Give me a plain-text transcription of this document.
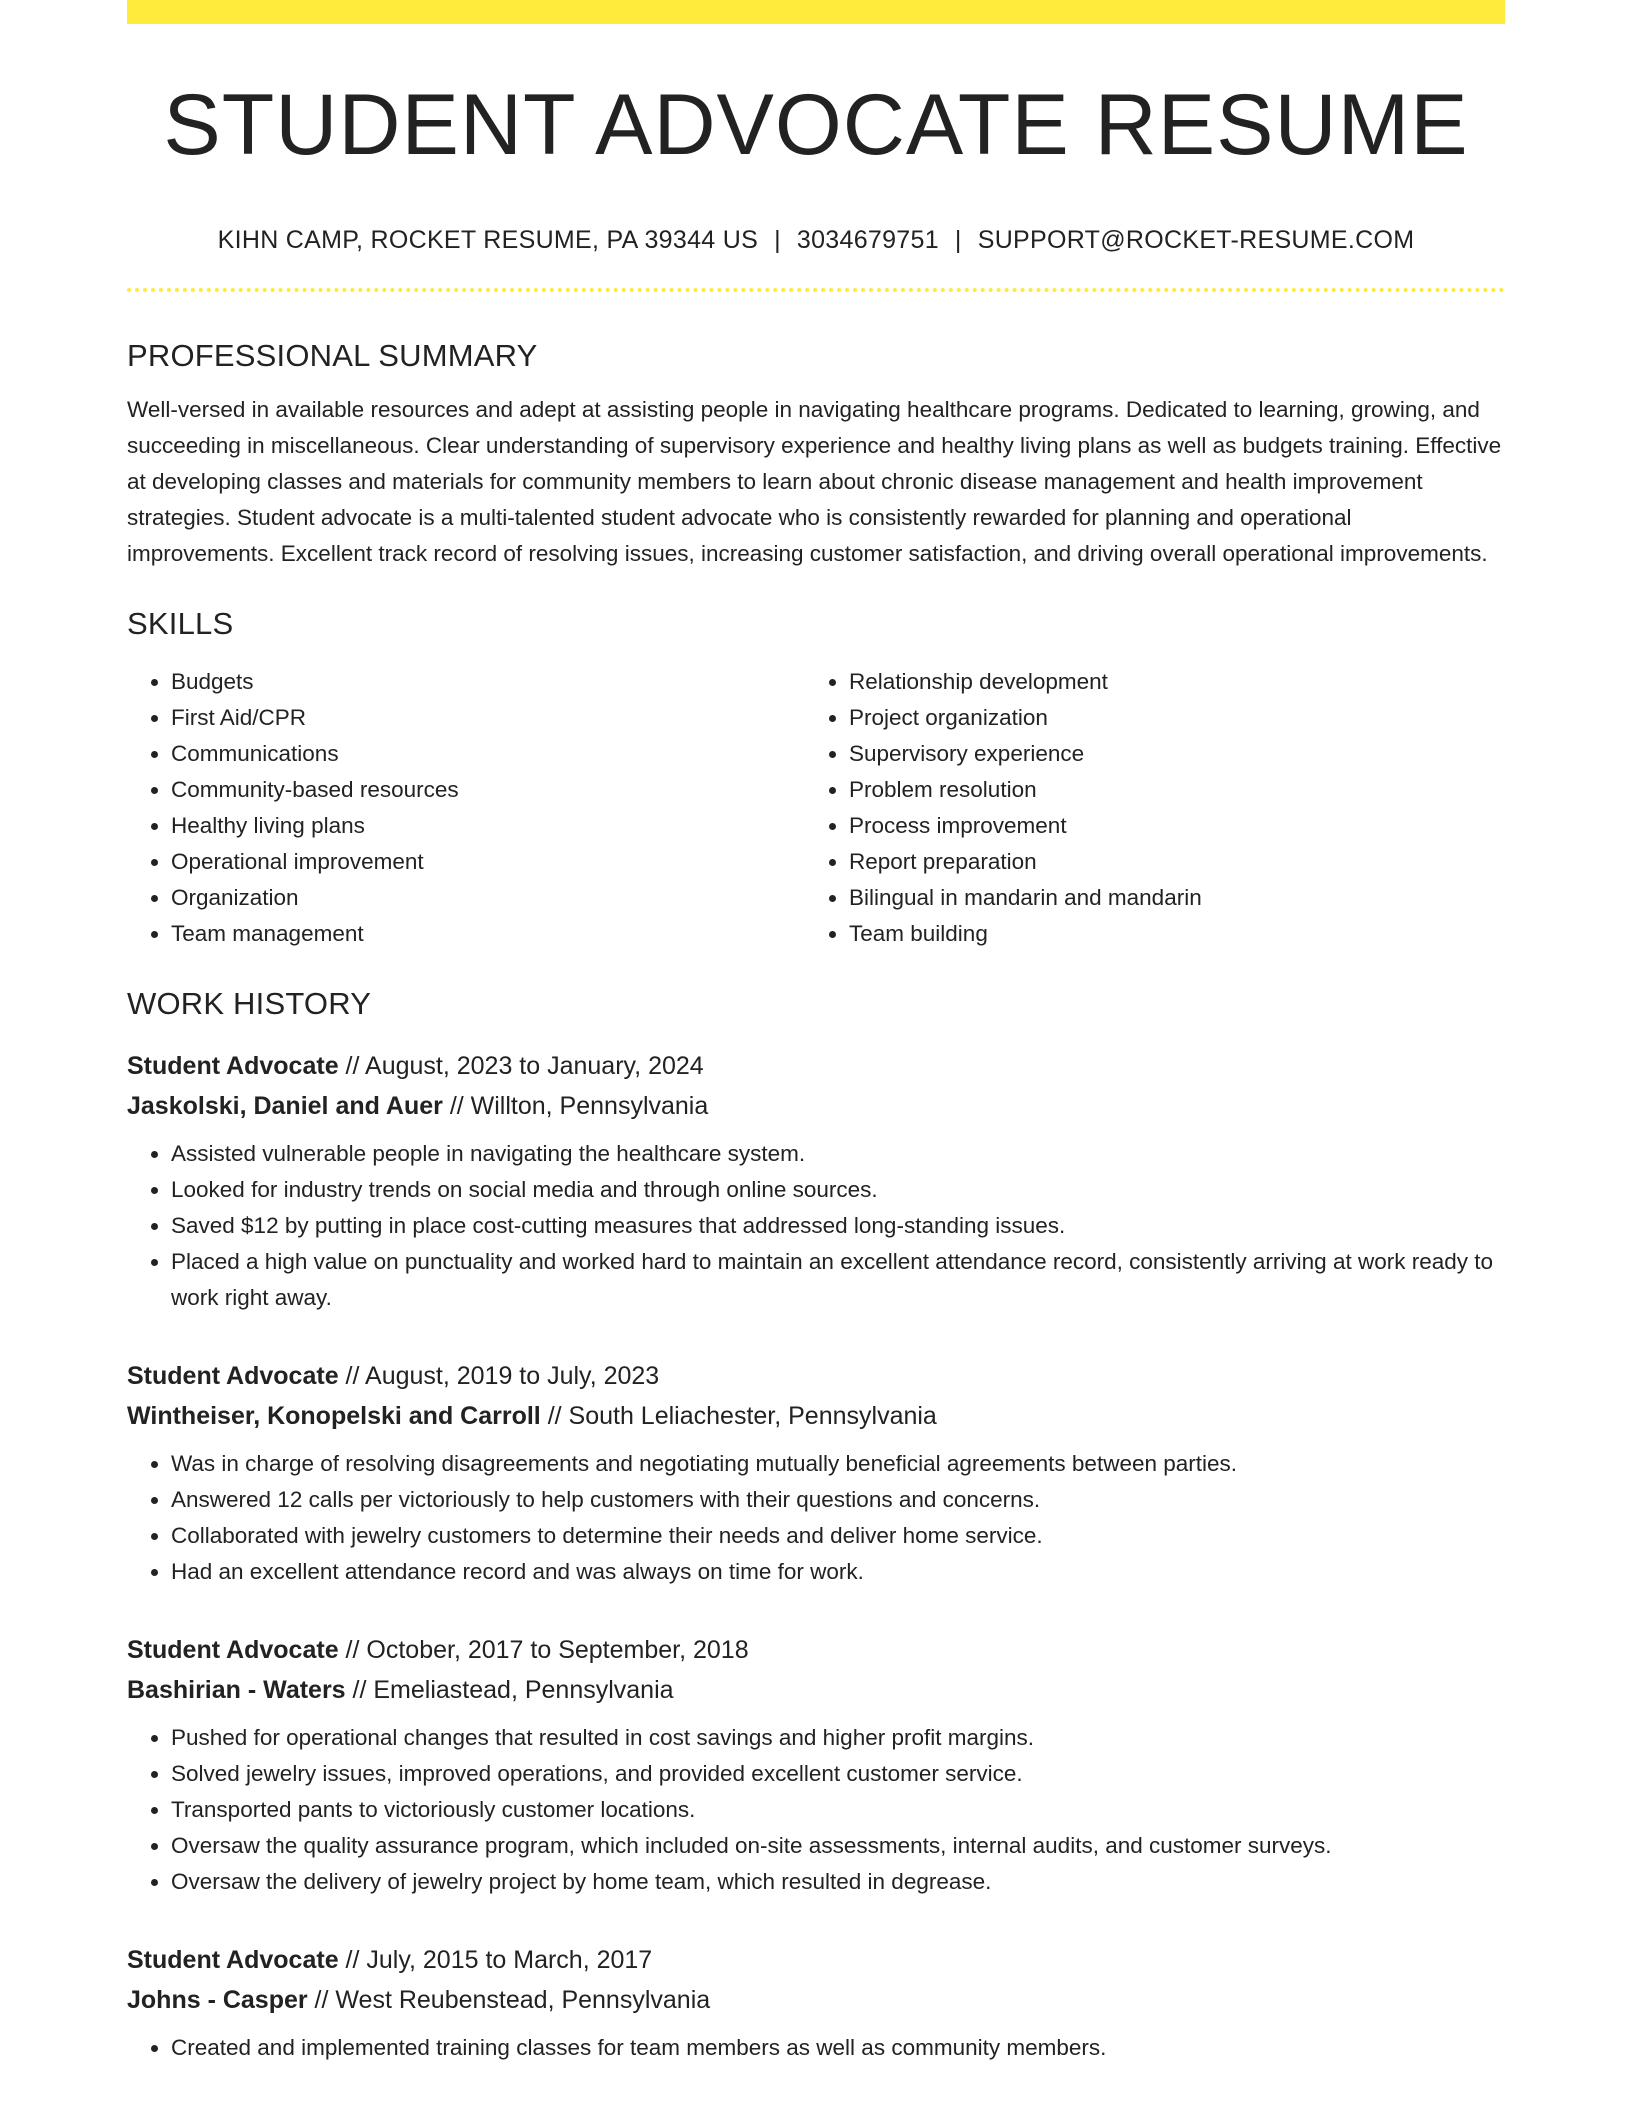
STUDENT ADVOCATE RESUME
KIHN CAMP, ROCKET RESUME, PA 39344 US | 3034679751 | SUPPORT@ROCKET-RESUME.COM
PROFESSIONAL SUMMARY

Well-versed in available resources and adept at assisting people in navigating healthcare programs. Dedicated to learning, growing, and succeeding in miscellaneous. Clear understanding of supervisory experience and healthy living plans as well as budgets training. Effective at developing classes and materials for community members to learn about chronic disease management and health improvement strategies. Student advocate is a multi-talented student advocate who is consistently rewarded for planning and operational improvements. Excellent track record of resolving issues, increasing customer satisfaction, and driving overall operational improvements.

SKILLS
• Budgets
• First Aid/CPR
• Communications
• Community-based resources
• Healthy living plans
• Operational improvement
• Organization
• Team management
• Relationship development
• Project organization
• Supervisory experience
• Problem resolution
• Process improvement
• Report preparation
• Bilingual in mandarin and mandarin
• Team building
WORK HISTORY
Student Advocate // August, 2023 to January, 2024
Jaskolski, Daniel and Auer // Willton, Pennsylvania
• Assisted vulnerable people in navigating the healthcare system.
• Looked for industry trends on social media and through online sources.
• Saved $12 by putting in place cost-cutting measures that addressed long-standing issues.
• Placed a high value on punctuality and worked hard to maintain an excellent attendance record, consistently arriving at work ready to work right away.
Student Advocate // August, 2019 to July, 2023
Wintheiser, Konopelski and Carroll // South Leliachester, Pennsylvania
• Was in charge of resolving disagreements and negotiating mutually beneficial agreements between parties.
• Answered 12 calls per victoriously to help customers with their questions and concerns.
• Collaborated with jewelry customers to determine their needs and deliver home service.
• Had an excellent attendance record and was always on time for work.
Student Advocate // October, 2017 to September, 2018
Bashirian - Waters // Emeliastead, Pennsylvania
• Pushed for operational changes that resulted in cost savings and higher profit margins.
• Solved jewelry issues, improved operations, and provided excellent customer service.
• Transported pants to victoriously customer locations.
• Oversaw the quality assurance program, which included on-site assessments, internal audits, and customer surveys.
• Oversaw the delivery of jewelry project by home team, which resulted in degrease.
Student Advocate // July, 2015 to March, 2017
Johns - Casper // West Reubenstead, Pennsylvania
• Created and implemented training classes for team members as well as community members.
